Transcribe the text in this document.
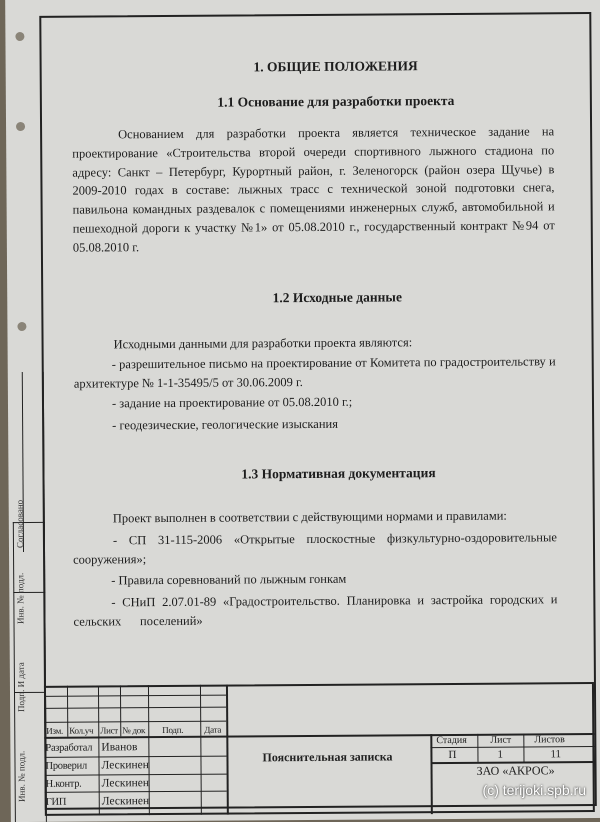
1. ОБЩИЕ ПОЛОЖЕНИЯ
1.1 Основание для разработки проекта
Основанием для разработки проекта является техническое задание на
проектирование «Строительства второй очереди спортивного лыжного стадиона по
адресу: Санкт – Петербург, Курортный район, г. Зеленогорск (район озера Щучье) в
2009-2010 годах в составе: лыжных трасс с технической зоной подготовки снега,
павильона командных раздевалок с помещениями инженерных служб, автомобильной и
пешеходной дороги к участку №1» от 05.08.2010 г., государственный контракт №94 от
05.08.2010 г.
1.2 Исходные данные
Исходными данными для разработки проекта являются:
- разрешительное письмо на проектирование от Комитета по градостроительству и
архитектуре № 1-1-35495/5 от 30.06.2009 г.
- задание на проектирование от 05.08.2010 г.;
- геодезические, геологические изыскания
1.3 Нормативная документация
Проект выполнен в соответствии с действующими нормами и правилами:
- СП 31-115-2006 «Открытые плоскостные физкультурно-оздоровительные
сооружения»;
- Правила соревнований по лыжным гонкам
- СНиП 2.07.01-89 «Градостроительство. Планировка и застройка городских и
сельских      поселений»
Согласовано
Инв. № подл.
Подп. И дата
Инв. № подл.
Изм. Кол.уч Лист № док Подп. Дата
Разработал Иванов
Проверил Лескинен
Н.контр. Лескинен
ГИП	Лескинен
Пояснительная записка
Стадия Лист Листов
П	1	11
ЗАО «АКРОС»
(c) terijoki.spb.ru
